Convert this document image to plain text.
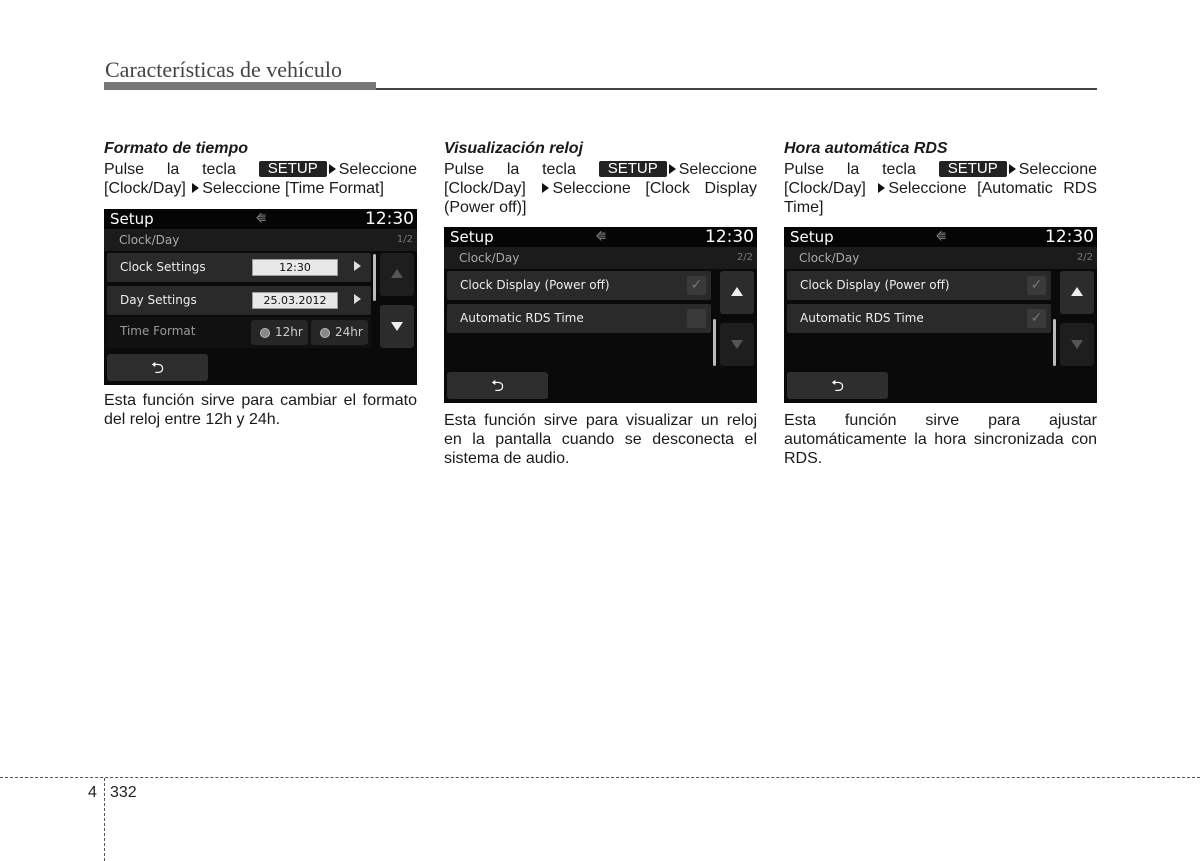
Características de vehículo
Formato de tiempo
Pulse la tecla SETUP Seleccione [Clock/Day] Seleccione [Time Format]
Setup	⭅	12:30
Clock/Day	1/2
Clock Settings	12:30
Day Settings	25.03.2012
Time Format	12hr	24hr
⮌
Esta función sirve para cambiar el formato del reloj entre 12h y 24h.
Visualización reloj
Pulse la tecla SETUP Seleccione [Clock/Day] Seleccione [Clock Display (Power off)]
Setup	⭅	12:30
Clock/Day	2/2
Clock Display (Power off)	✓
Automatic RDS Time
⮌
Esta función sirve para visualizar un reloj en la pantalla cuando se desconecta el sistema de audio.
Hora automática RDS
Pulse la tecla SETUP Seleccione [Clock/Day] Seleccione [Automatic RDS Time]
Setup	⭅	12:30
Clock/Day	2/2
Clock Display (Power off)	✓
Automatic RDS Time	✓
⮌
Esta función sirve para ajustar automáticamente la hora sincronizada con RDS.
4 332
